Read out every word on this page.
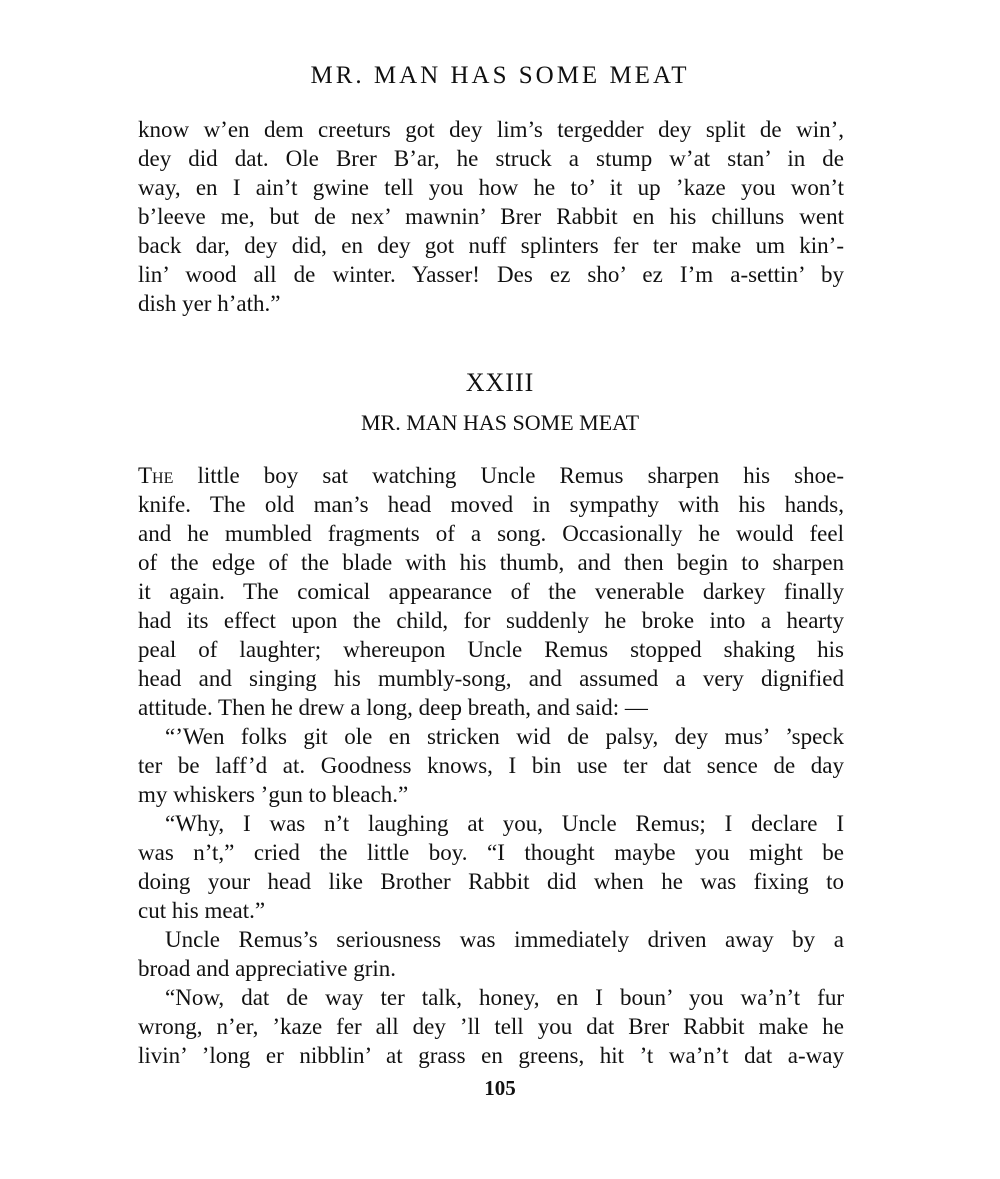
MR. MAN HAS SOME MEAT
know w’en dem creeturs got dey lim’s tergedder dey split de win’,
dey did dat. Ole Brer B’ar, he struck a stump w’at stan’ in de
way, en I ain’t gwine tell you how he to’ it up ’kaze you won’t
b’leeve me, but de nex’ mawnin’ Brer Rabbit en his chilluns went
back dar, dey did, en dey got nuff splinters fer ter make um kin’-
lin’ wood all de winter. Yasser! Des ez sho’ ez I’m a-settin’ by
dish yer h’ath.”
XXIII
MR. MAN HAS SOME MEAT
The little boy sat watching Uncle Remus sharpen his shoe-
knife. The old man’s head moved in sympathy with his hands,
and he mumbled fragments of a song. Occasionally he would feel
of the edge of the blade with his thumb, and then begin to sharpen
it again. The comical appearance of the venerable darkey finally
had its effect upon the child, for suddenly he broke into a hearty
peal of laughter; whereupon Uncle Remus stopped shaking his
head and singing his mumbly-song, and assumed a very dignified
attitude. Then he drew a long, deep breath, and said: —
“’Wen folks git ole en stricken wid de palsy, dey mus’ ’speck
ter be laff’d at. Goodness knows, I bin use ter dat sence de day
my whiskers ’gun to bleach.”
“Why, I was n’t laughing at you, Uncle Remus; I declare I
was n’t,” cried the little boy. “I thought maybe you might be
doing your head like Brother Rabbit did when he was fixing to
cut his meat.”
Uncle Remus’s seriousness was immediately driven away by a
broad and appreciative grin.
“Now, dat de way ter talk, honey, en I boun’ you wa’n’t fur
wrong, n’er, ’kaze fer all dey ’ll tell you dat Brer Rabbit make he
livin’ ’long er nibblin’ at grass en greens, hit ’t wa’n’t dat a-way
105
